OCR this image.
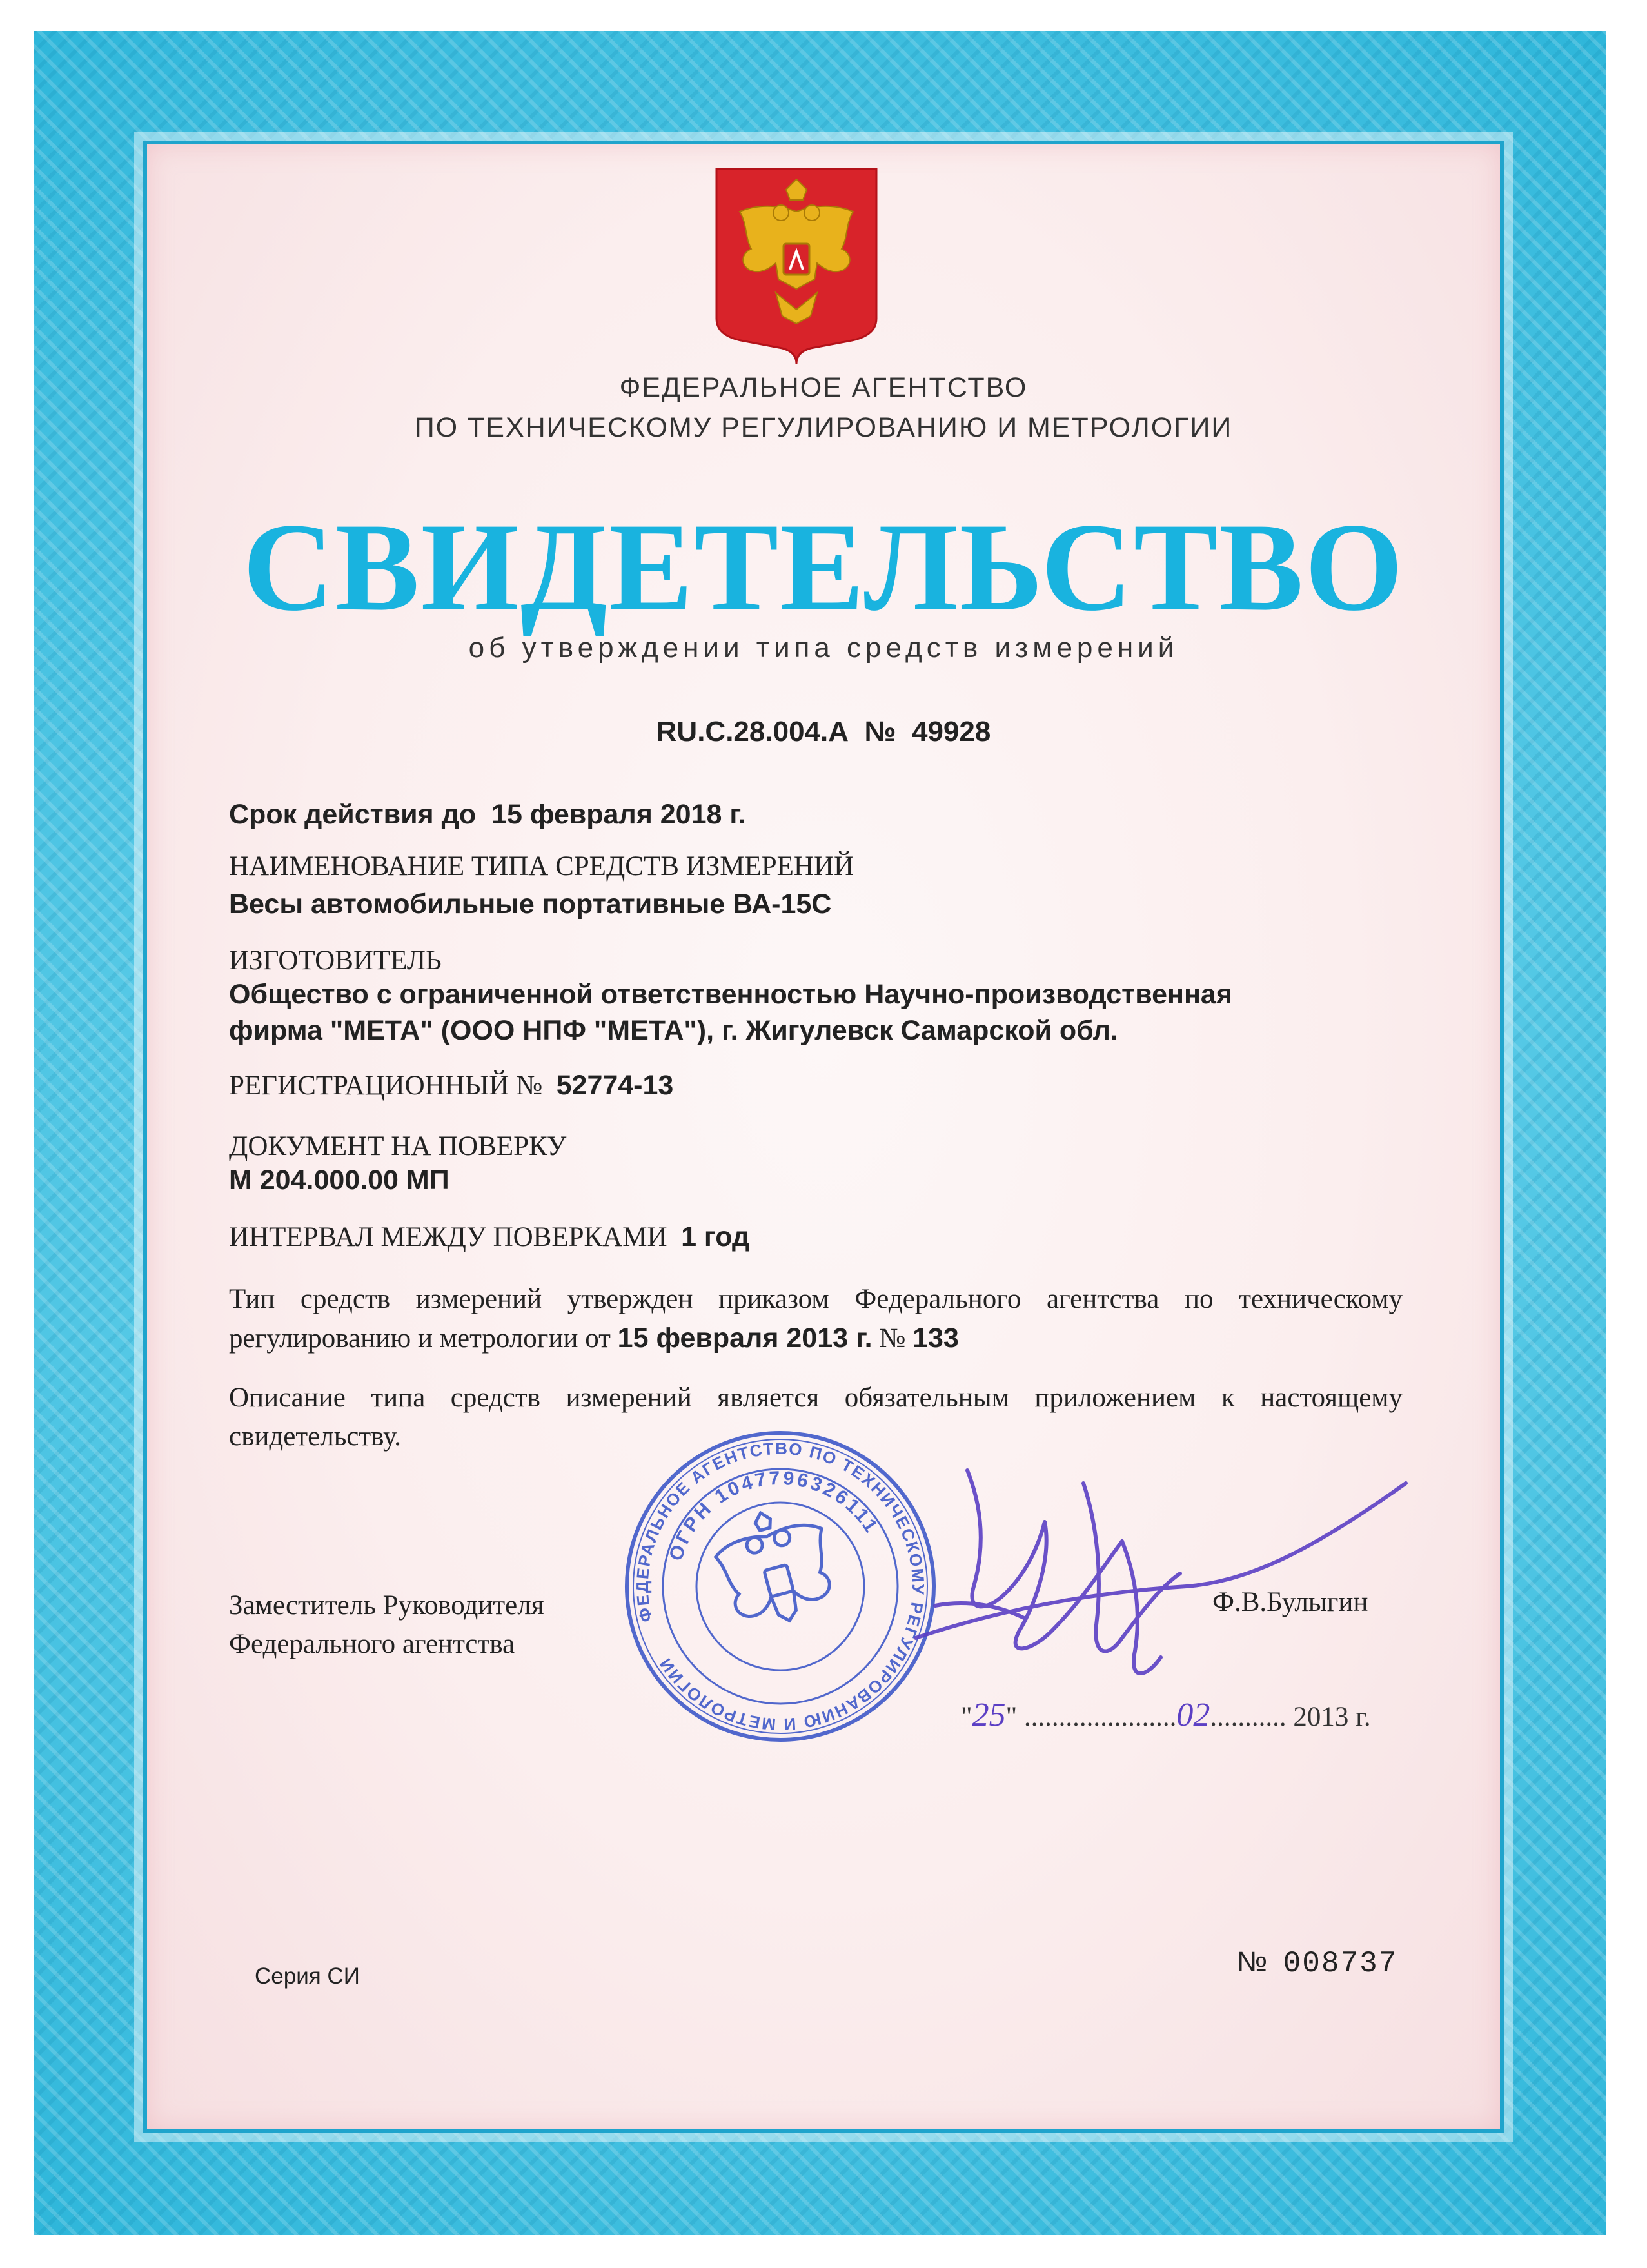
ФЕДЕРАЛЬНОЕ АГЕНТСТВО
ПО ТЕХНИЧЕСКОМУ РЕГУЛИРОВАНИЮ И МЕТРОЛОГИИ
СВИДЕТЕЛЬСТВО
об утверждении типа средств измерений
RU.C.28.004.A № 49928
Срок действия до 15 февраля 2018 г.
НАИМЕНОВАНИЕ ТИПА СРЕДСТВ ИЗМЕРЕНИЙ
Весы автомобильные портативные ВА-15С
ИЗГОТОВИТЕЛЬ
Общество с ограниченной ответственностью Научно-производственная
фирма "МЕТА" (ООО НПФ "МЕТА"), г. Жигулевск Самарской обл.
РЕГИСТРАЦИОННЫЙ № 52774-13
ДОКУМЕНТ НА ПОВЕРКУ
М 204.000.00 МП
ИНТЕРВАЛ МЕЖДУ ПОВЕРКАМИ 1 год
Тип средств измерений утвержден приказом Федерального агентства по техническому регулированию и метрологии от 15 февраля 2013 г. № 133
Описание типа средств измерений является обязательным приложением к настоящему свидетельству.
ФЕДЕРАЛЬНОЕ АГЕНТСТВО ПО ТЕХНИЧЕСКОМУ РЕГУЛИРОВАНИЮ И МЕТРОЛОГИИ
ОГРН 1047796326111
Заместитель Руководителя
Федерального агентства
Ф.В.Булыгин
"25" ......................02........... 2013 г.
Серия СИ	№ 008737
